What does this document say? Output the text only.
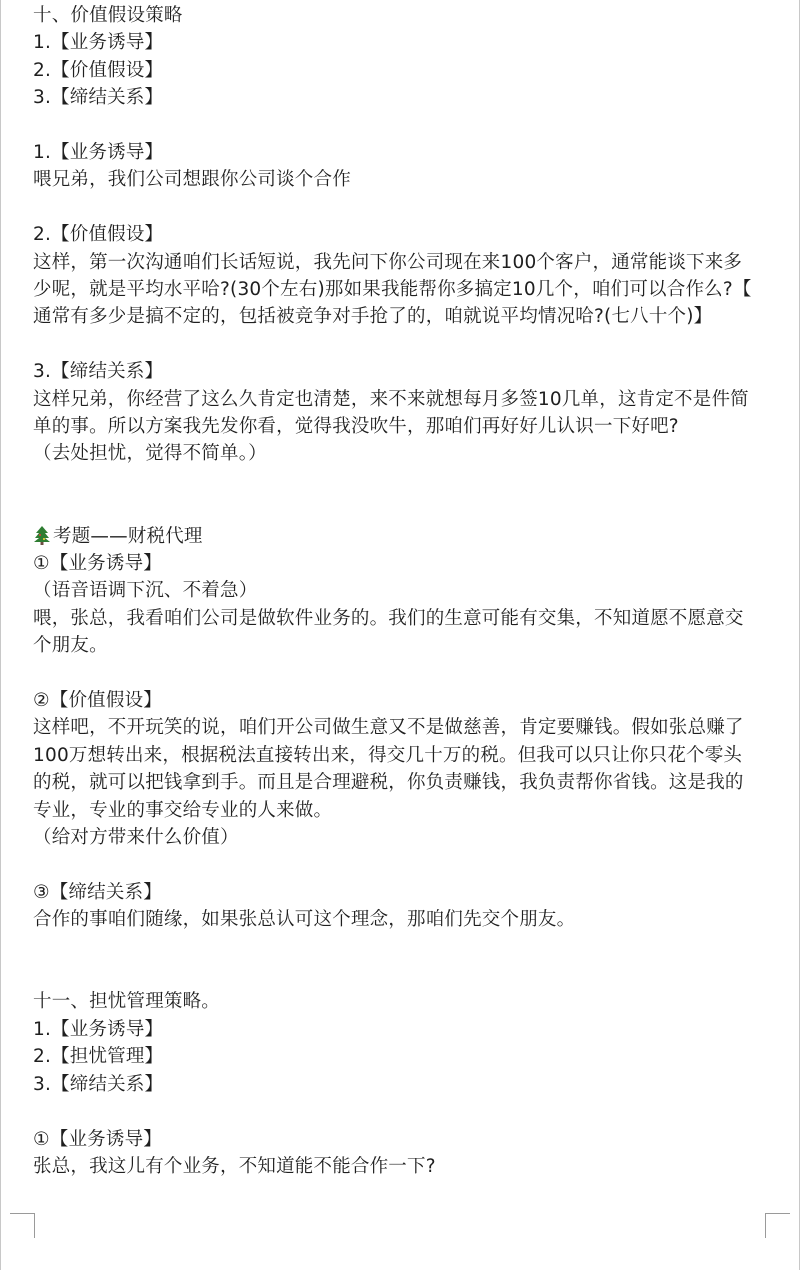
十、价值假设策略
1.【业务诱导】
2.【价值假设】
3.【缔结关系】
1.【业务诱导】
喂兄弟，我们公司想跟你公司谈个合作
2.【价值假设】
这样，第一次沟通咱们长话短说，我先问下你公司现在来100个客户，通常能谈下来多
少呢，就是平均水平哈?(30个左右)那如果我能帮你多搞定10几个，咱们可以合作么?【
通常有多少是搞不定的，包括被竞争对手抢了的，咱就说平均情况哈?(七八十个)】
3.【缔结关系】
这样兄弟，你经营了这么久肯定也清楚，来不来就想每月多签10几单，这肯定不是件简
单的事。所以方案我先发你看，觉得我没吹牛，那咱们再好好儿认识一下好吧?
（去处担忧，觉得不简单。）
考题——财税代理
①【业务诱导】
（语音语调下沉、不着急）
喂，张总，我看咱们公司是做软件业务的。我们的生意可能有交集，不知道愿不愿意交
个朋友。
②【价值假设】
这样吧，不开玩笑的说，咱们开公司做生意又不是做慈善，肯定要赚钱。假如张总赚了
100万想转出来，根据税法直接转出来，得交几十万的税。但我可以只让你只花个零头
的税，就可以把钱拿到手。而且是合理避税，你负责赚钱，我负责帮你省钱。这是我的
专业，专业的事交给专业的人来做。
（给对方带来什么价值）
③【缔结关系】
合作的事咱们随缘，如果张总认可这个理念，那咱们先交个朋友。
十一、担忧管理策略。
1.【业务诱导】
2.【担忧管理】
3.【缔结关系】
①【业务诱导】
张总，我这儿有个业务，不知道能不能合作一下?
